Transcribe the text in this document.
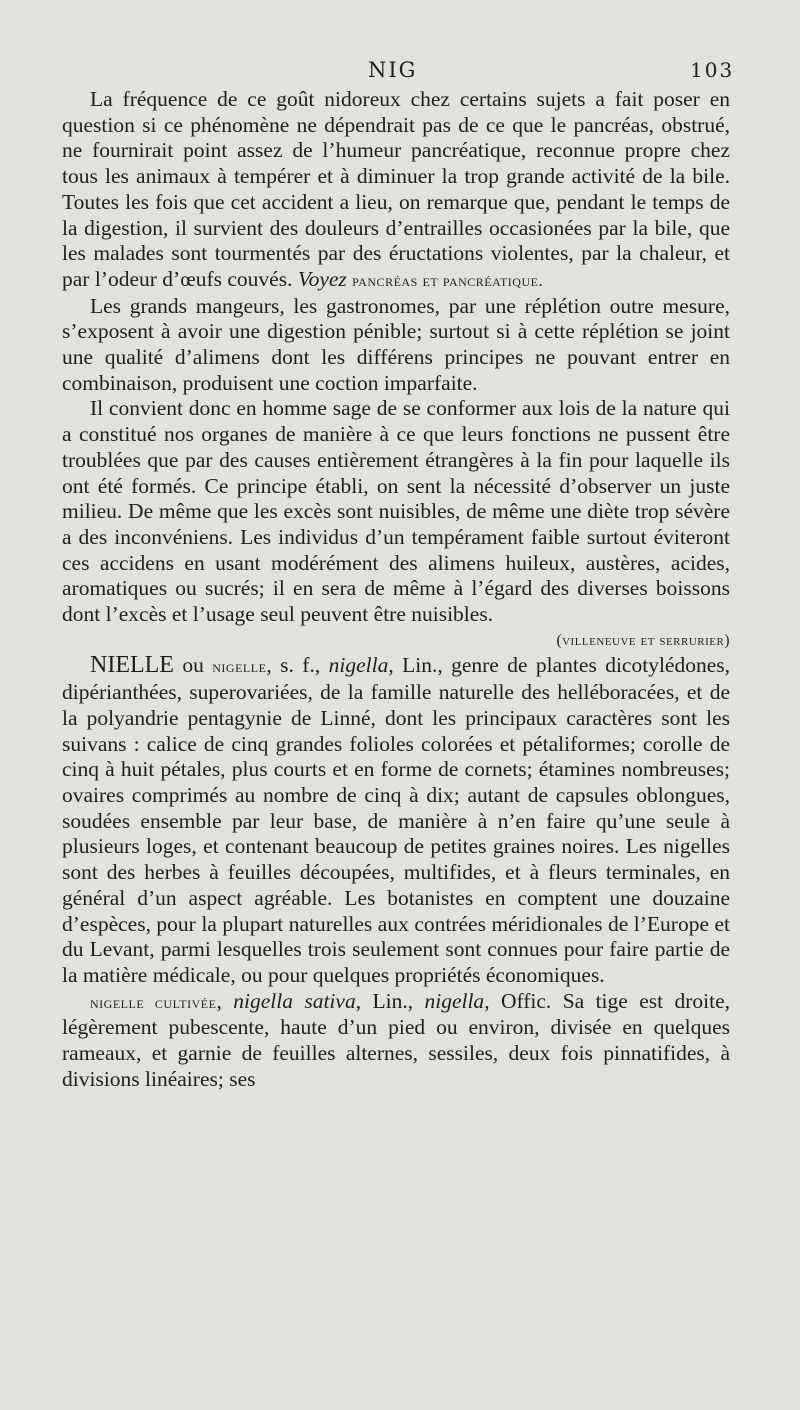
NIG	103

La fréquence de ce goût nidoreux chez certains sujets a fait poser en question si ce phénomène ne dépendrait pas de ce que le pancréas, obstrué, ne fournirait point assez de l’humeur pancréatique, reconnue propre chez tous les animaux à tempérer et à diminuer la trop grande activité de la bile. Toutes les fois que cet accident a lieu, on remarque que, pendant le temps de la digestion, il survient des douleurs d’entrailles occasionées par la bile, que les malades sont tourmentés par des éructations violentes, par la chaleur, et par l’odeur d’œufs couvés. Voyez pancréas et pancréatique.

Les grands mangeurs, les gastronomes, par une réplétion outre mesure, s’exposent à avoir une digestion pénible; surtout si à cette réplétion se joint une qualité d’alimens dont les différens principes ne pouvant entrer en combinaison, produisent une coction imparfaite.

Il convient donc en homme sage de se conformer aux lois de la nature qui a constitué nos organes de manière à ce que leurs fonctions ne pussent être troublées que par des causes entièrement étrangères à la fin pour laquelle ils ont été formés. Ce principe établi, on sent la nécessité d’observer un juste milieu. De même que les excès sont nuisibles, de même une diète trop sévère a des inconvéniens. Les individus d’un tempérament faible surtout éviteront ces accidens en usant modérément des alimens huileux, austères, acides, aromatiques ou sucrés; il en sera de même à l’égard des diverses boissons dont l’excès et l’usage seul peuvent être nuisibles.

(villeneuve et serrurier)

NIELLE ou nigelle, s. f., nigella, Lin., genre de plantes dicotylédones, dipérianthées, superovariées, de la famille naturelle des helléboracées, et de la polyandrie pentagynie de Linné, dont les principaux caractères sont les suivans : calice de cinq grandes folioles colorées et pétaliformes; corolle de cinq à huit pétales, plus courts et en forme de cornets; étamines nombreuses; ovaires comprimés au nombre de cinq à dix; autant de capsules oblongues, soudées ensemble par leur base, de manière à n’en faire qu’une seule à plusieurs loges, et contenant beaucoup de petites graines noires. Les nigelles sont des herbes à feuilles découpées, multifides, et à fleurs terminales, en général d’un aspect agréable. Les botanistes en comptent une douzaine d’espèces, pour la plupart naturelles aux contrées méridionales de l’Europe et du Levant, parmi lesquelles trois seulement sont connues pour faire partie de la matière médicale, ou pour quelques propriétés économiques.

nigelle cultivée, nigella sativa, Lin., nigella, Offic. Sa tige est droite, légèrement pubescente, haute d’un pied ou environ, divisée en quelques rameaux, et garnie de feuilles alternes, sessiles, deux fois pinnatifides, à divisions linéaires; ses
